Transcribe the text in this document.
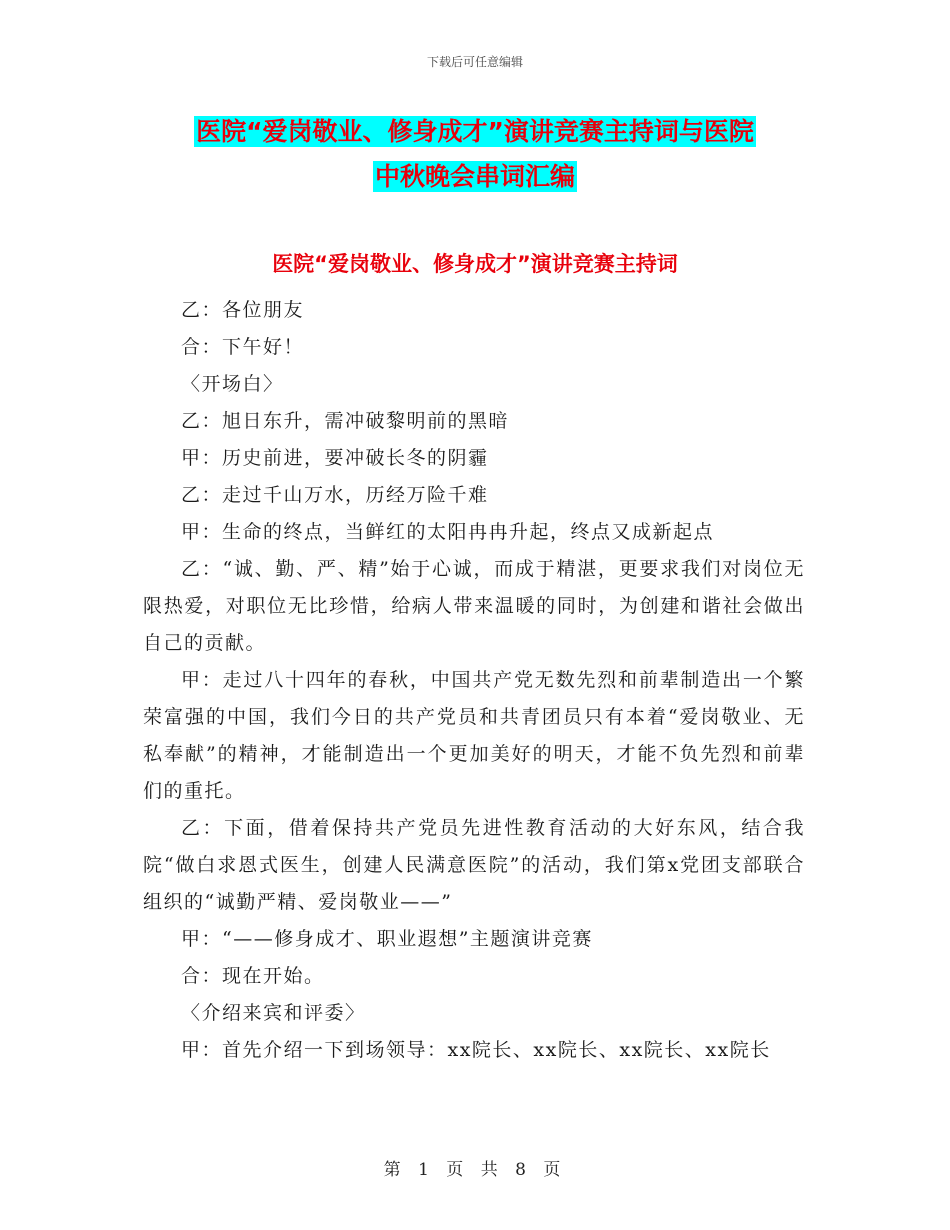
下载后可任意编辑
医院“爱岗敬业、修身成才”演讲竞赛主持词与医院
中秋晚会串词汇编
医院“爱岗敬业、修身成才”演讲竞赛主持词

乙：各位朋友

合：下午好！

〈开场白〉

乙：旭日东升，需冲破黎明前的黑暗

甲：历史前进，要冲破长冬的阴霾

乙：走过千山万水，历经万险千难

甲：生命的终点，当鲜红的太阳冉冉升起，终点又成新起点

乙：“诚、勤、严、精”始于心诚，而成于精湛，更要求我们对岗位无限热爱，对职位无比珍惜，给病人带来温暖的同时，为创建和谐社会做出自己的贡献。

甲：走过八十四年的春秋，中国共产党无数先烈和前辈制造出一个繁荣富强的中国，我们今日的共产党员和共青团员只有本着“爱岗敬业、无私奉献”的精神，才能制造出一个更加美好的明天，才能不负先烈和前辈们的重托。

乙：下面，借着保持共产党员先进性教育活动的大好东风，结合我院“做白求恩式医生，创建人民满意医院”的活动，我们第x党团支部联合组织的“诚勤严精、爱岗敬业——”

甲：“——修身成才、职业遐想”主题演讲竞赛

合：现在开始。

〈介绍来宾和评委〉

甲：首先介绍一下到场领导：xx院长、xx院长、xx院长、xx院长

第 1 页 共 8 页
